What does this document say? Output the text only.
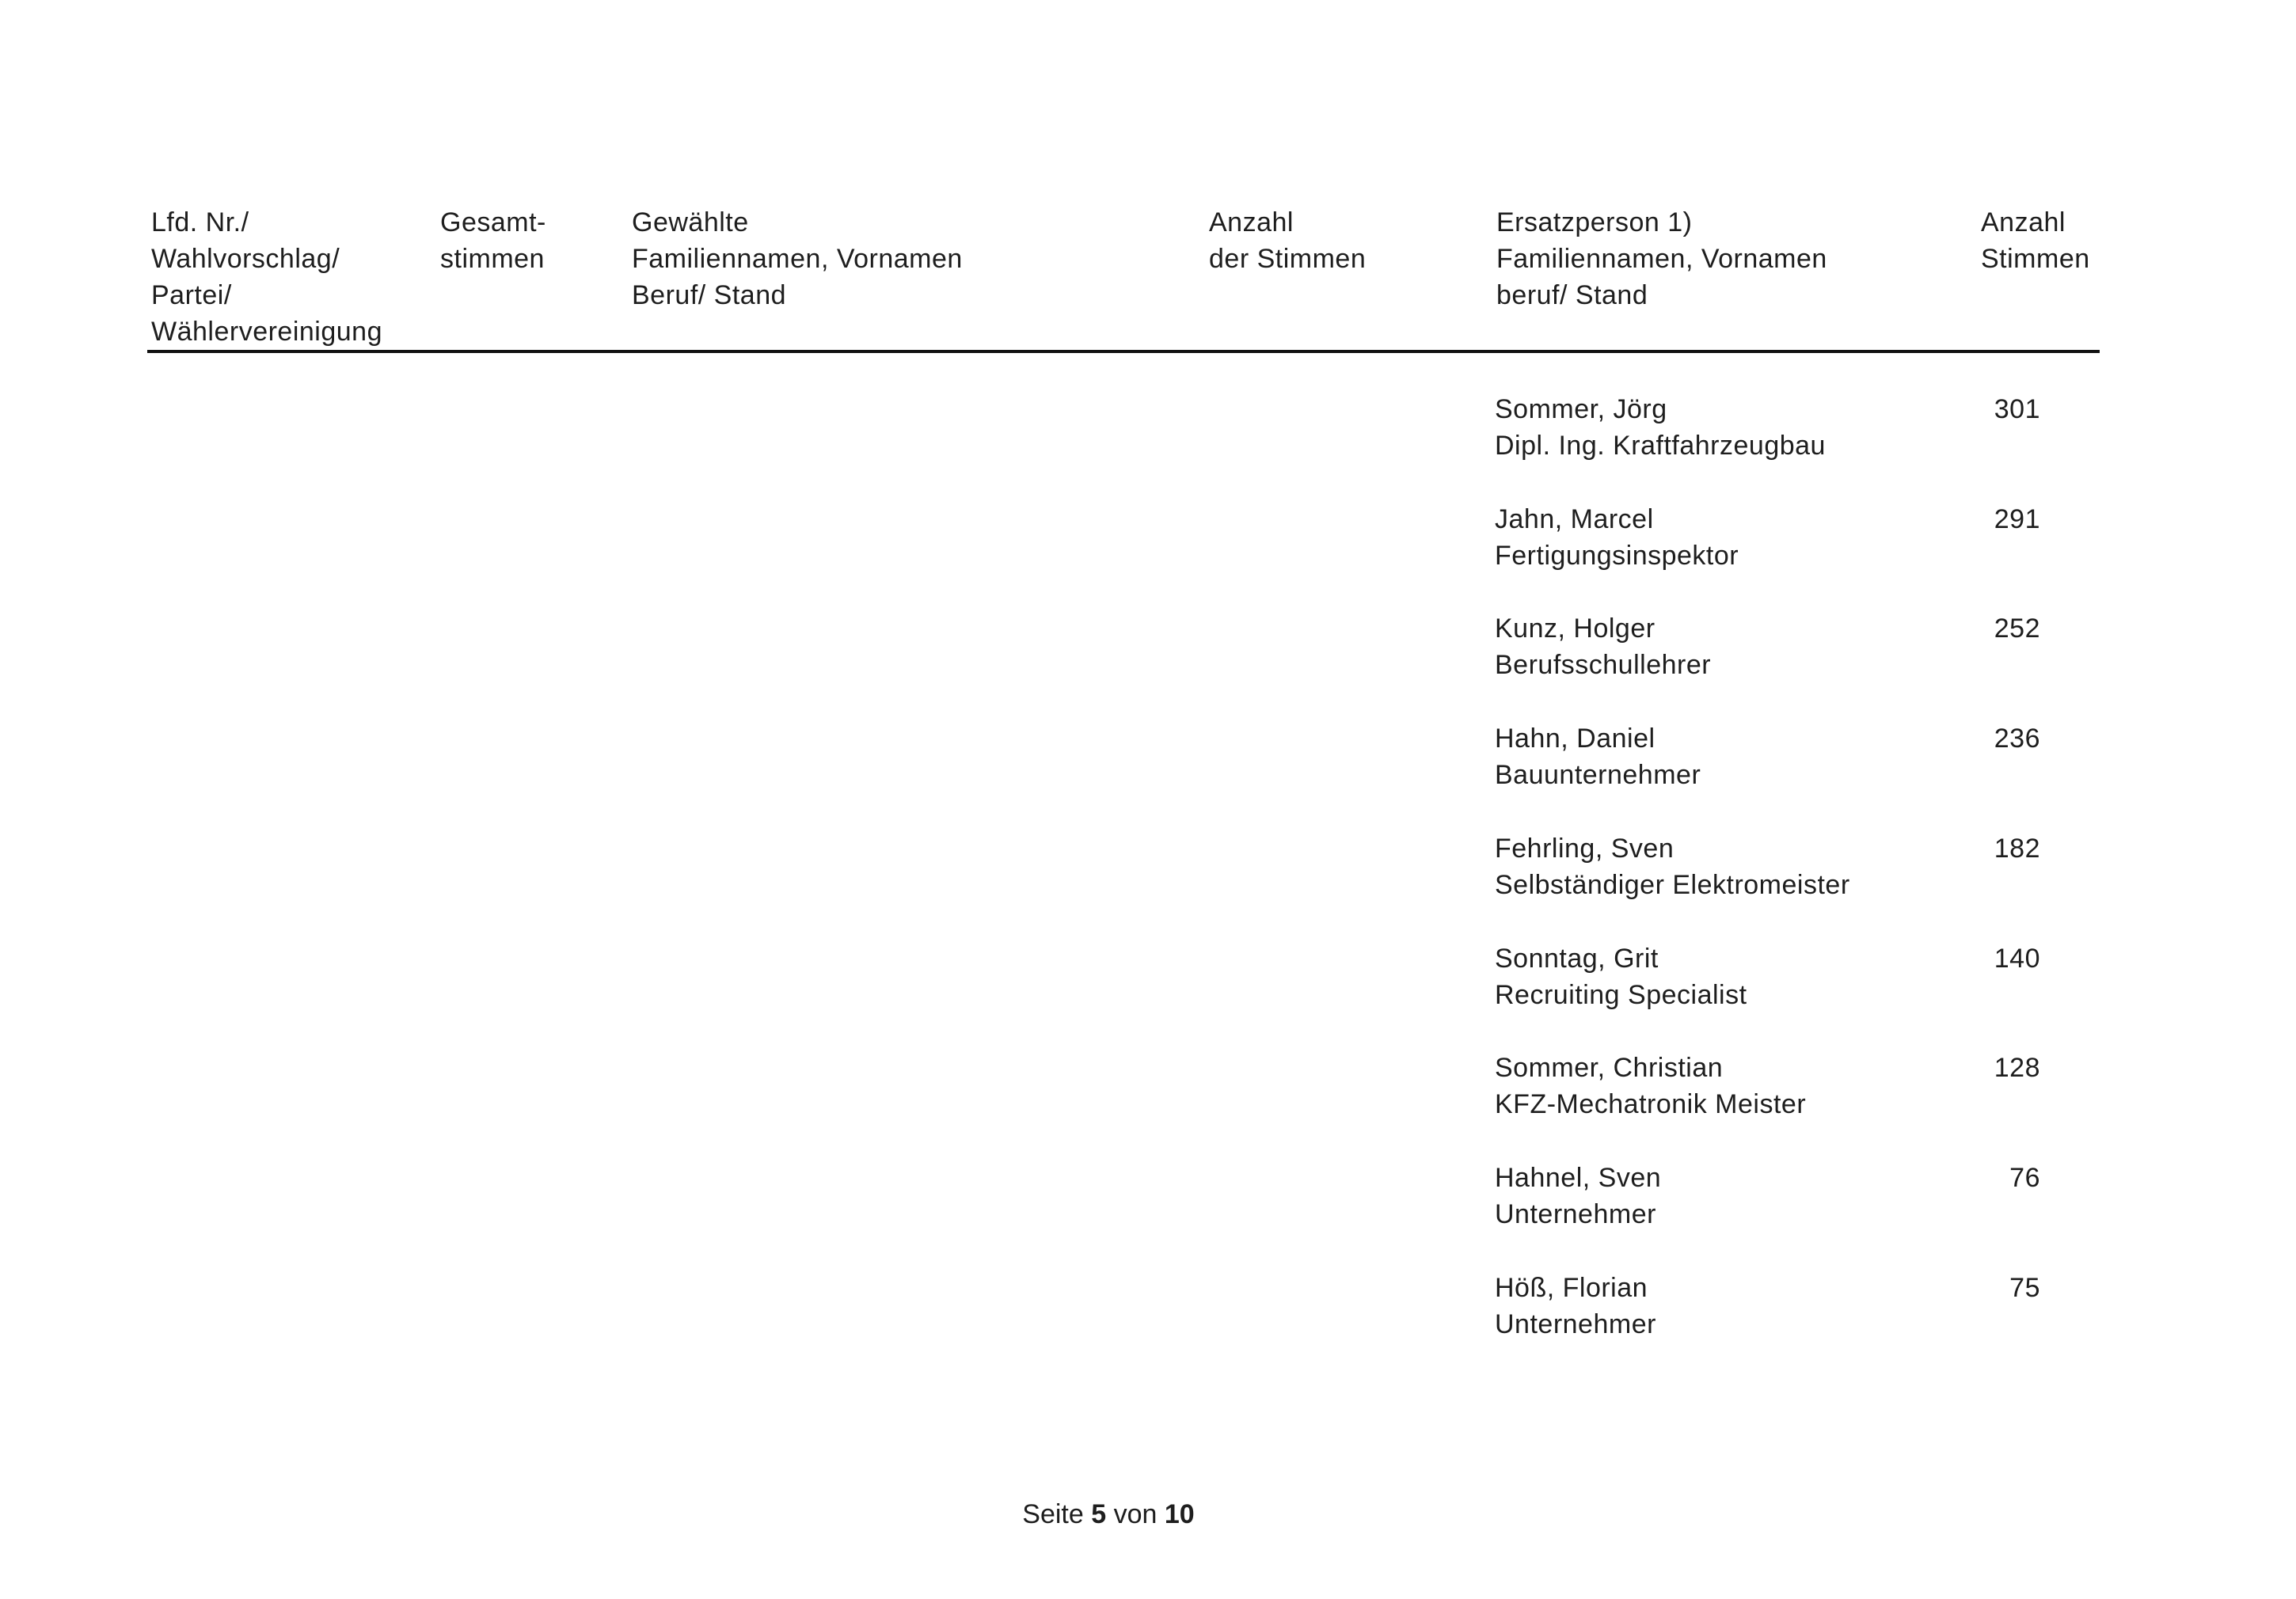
Lfd. Nr./
Wahlvorschlag/
Partei/
Wählervereinigung
Gesamt-
stimmen
Gewählte
Familiennamen, Vornamen
Beruf/ Stand
Anzahl
der Stimmen
Ersatzperson 1)
Familiennamen, Vornamen
beruf/ Stand
Anzahl
Stimmen
Sommer, Jörg
Dipl. Ing. Kraftfahrzeugbau
301
Jahn, Marcel
Fertigungsinspektor
291
Kunz, Holger
Berufsschullehrer
252
Hahn, Daniel
Bauunternehmer
236
Fehrling, Sven
Selbständiger Elektromeister
182
Sonntag, Grit
Recruiting Specialist
140
Sommer, Christian
KFZ-Mechatronik Meister
128
Hahnel, Sven
Unternehmer
76
Höß, Florian
Unternehmer
75
Seite 5 von 10
